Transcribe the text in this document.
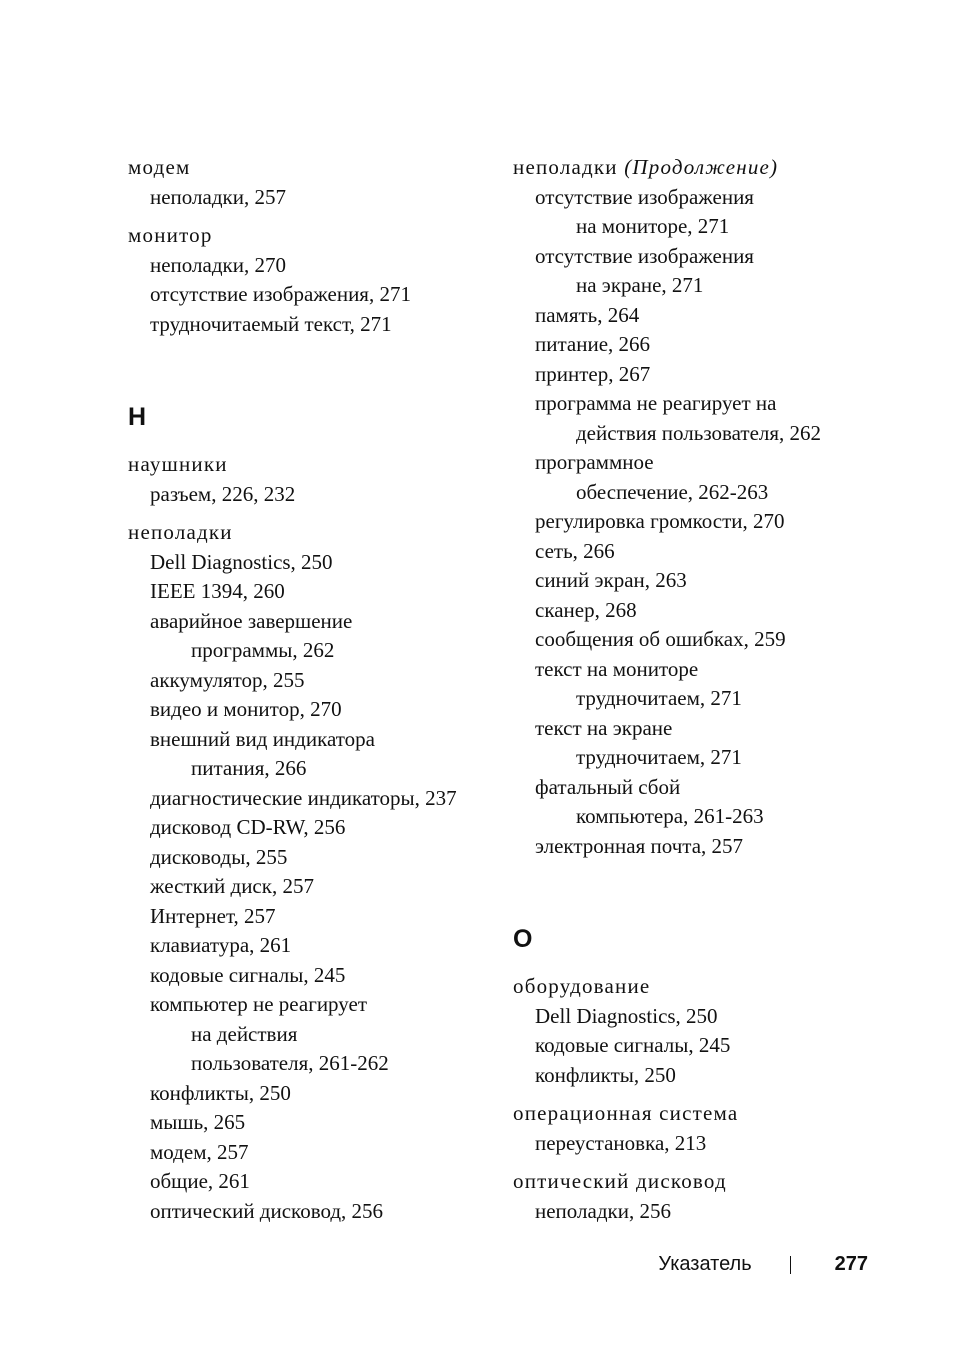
модем
неполадки, 257
монитор
неполадки, 270
отсутствие изображения, 271
трудночитаемый текст, 271
Н
наушники
разъем, 226, 232
неполадки
Dell Diagnostics, 250
IEEE 1394, 260
аварийное завершение
программы, 262
аккумулятор, 255
видео и монитор, 270
внешний вид индикатора
питания, 266
диагностические индикаторы, 237
дисковод CD-RW, 256
дисководы, 255
жесткий диск, 257
Интернет, 257
клавиатура, 261
кодовые сигналы, 245
компьютер не реагирует
на действия
пользователя, 261-262
конфликты, 250
мышь, 265
модем, 257
общие, 261
оптический дисковод, 256
неполадки (Продолжение)
отсутствие изображения
на мониторе, 271
отсутствие изображения
на экране, 271
память, 264
питание, 266
принтер, 267
программа не реагирует на
действия пользователя, 262
программное
обеспечение, 262-263
регулировка громкости, 270
сеть, 266
синий экран, 263
сканер, 268
сообщения об ошибках, 259
текст на мониторе
трудночитаем, 271
текст на экране
трудночитаем, 271
фатальный сбой
компьютера, 261-263
электронная почта, 257
О
оборудование
Dell Diagnostics, 250
кодовые сигналы, 245
конфликты, 250
операционная система
переустановка, 213
оптический дисковод
неполадки, 256
Указатель	277
